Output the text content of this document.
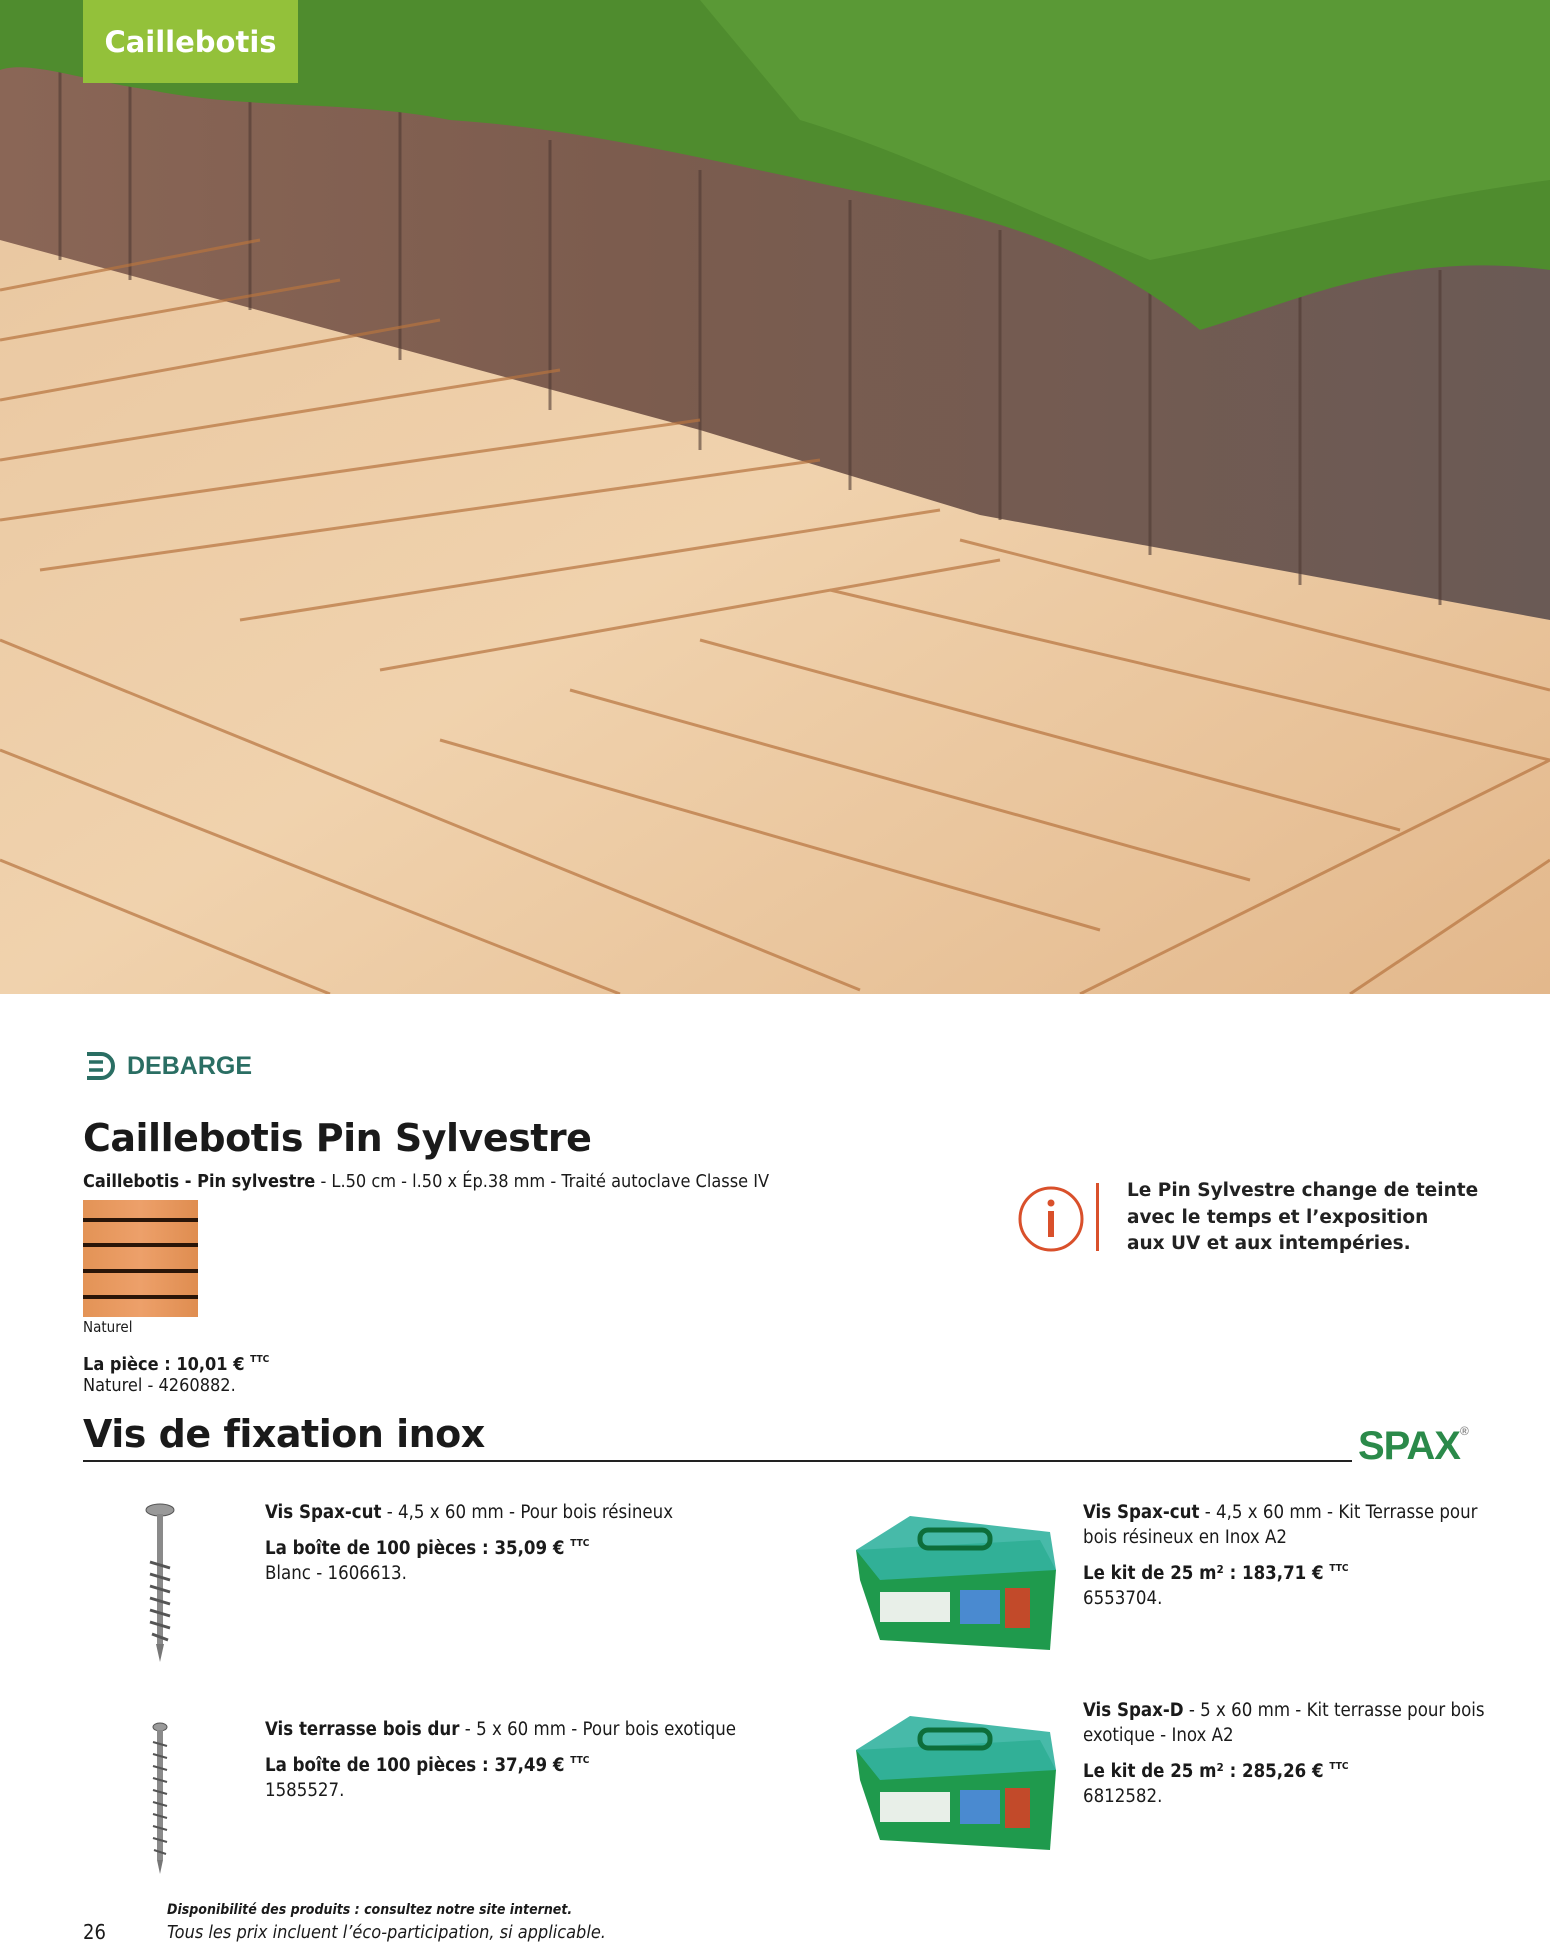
Caillebotis
DEBARGE
Caillebotis Pin Sylvestre
Caillebotis - Pin sylvestre - L.50 cm - l.50 x Ép.38 mm - Traité autoclave Classe IV
Naturel
La pièce : 10,01 € $^{TTC}$
Naturel - 4260882.
Le Pin Sylvestre change de teinte
avec le temps et l’exposition
aux UV et aux intempéries.
Vis de fixation inox	SPAX®
Vis Spax-cut - 4,5 x 60 mm - Pour bois résineux
La boîte de 100 pièces : 35,09 € $^{TTC}$
Blanc - 1606613.
Vis Spax-cut - 4,5 x 60 mm - Kit Terrasse pour bois résineux en Inox A2
Le kit de 25 m² : 183,71 € $^{TTC}$
6553704.
Vis terrasse bois dur - 5 x 60 mm - Pour bois exotique
La boîte de 100 pièces : 37,49 € $^{TTC}$
1585527.
Vis Spax-D - 5 x 60 mm - Kit terrasse pour bois exotique - Inox A2
Le kit de 25 m² : 285,26 € $^{TTC}$
6812582.
26
Disponibilité des produits : consultez notre site internet.
Tous les prix incluent l’éco-participation, si applicable.
